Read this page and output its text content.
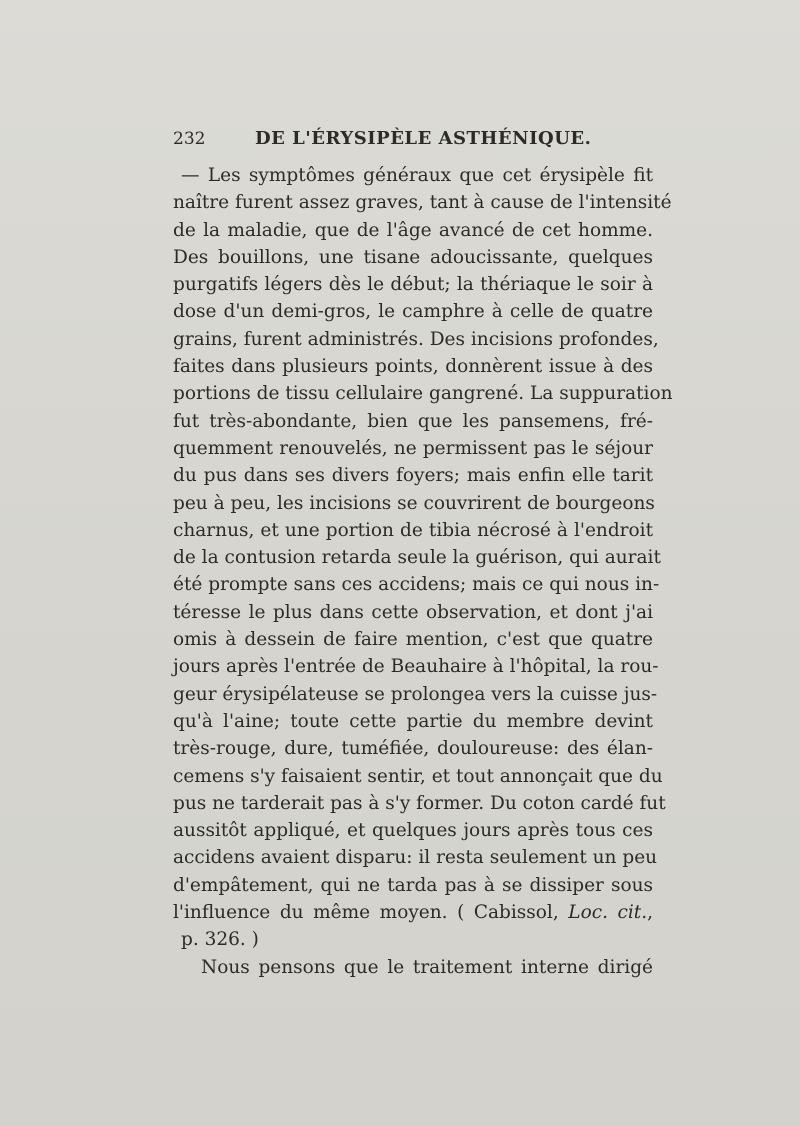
232	DE L'ÉRYSIPÈLE ASTHÉNIQUE.
— Les symptômes généraux que cet érysipèle fit
naître furent assez graves, tant à cause de l'intensité
de la maladie, que de l'âge avancé de cet homme.
Des bouillons, une tisane adoucissante, quelques
purgatifs légers dès le début; la thériaque le soir à
dose d'un demi-gros, le camphre à celle de quatre
grains, furent administrés. Des incisions profondes,
faites dans plusieurs points, donnèrent issue à des
portions de tissu cellulaire gangrené. La suppuration
fut très-abondante, bien que les pansemens, fré-
quemment renouvelés, ne permissent pas le séjour
du pus dans ses divers foyers; mais enfin elle tarit
peu à peu, les incisions se couvrirent de bourgeons
charnus, et une portion de tibia nécrosé à l'endroit
de la contusion retarda seule la guérison, qui aurait
été prompte sans ces accidens; mais ce qui nous in-
téresse le plus dans cette observation, et dont j'ai
omis à dessein de faire mention, c'est que quatre
jours après l'entrée de Beauhaire à l'hôpital, la rou-
geur érysipélateuse se prolongea vers la cuisse jus-
qu'à l'aine; toute cette partie du membre devint
très-rouge, dure, tuméfiée, douloureuse: des élan-
cemens s'y faisaient sentir, et tout annonçait que du
pus ne tarderait pas à s'y former. Du coton cardé fut
aussitôt appliqué, et quelques jours après tous ces
accidens avaient disparu: il resta seulement un peu
d'empâtement, qui ne tarda pas à se dissiper sous
l'influence du même moyen. ( Cabissol, Loc. cit.,
p. 326. )
Nous pensons que le traitement interne dirigé
